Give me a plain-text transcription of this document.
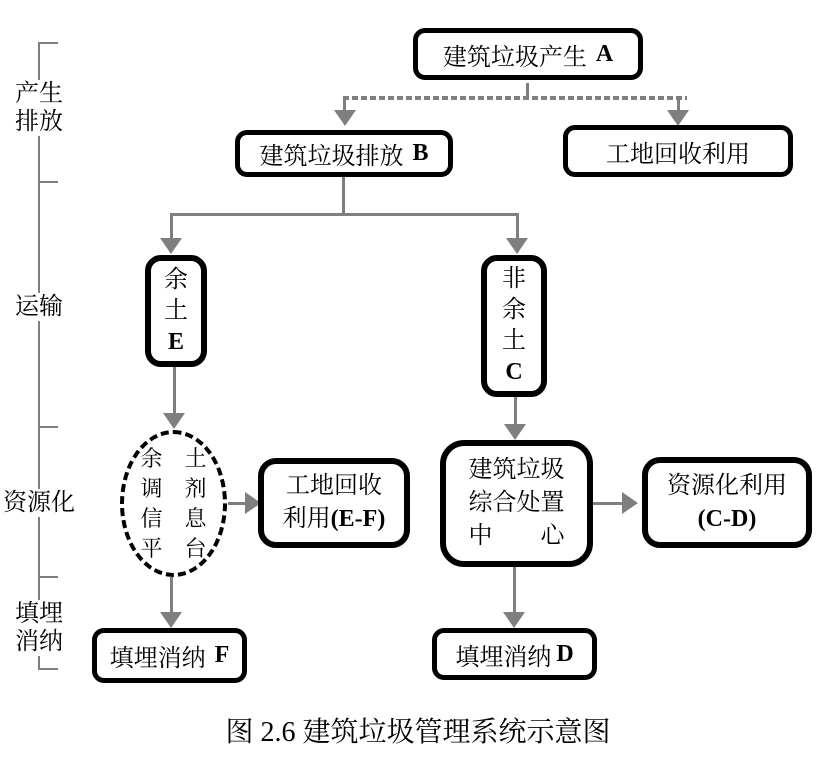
产生
排放
运输
资源化
填埋
消纳
建筑垃圾产生 A
建筑垃圾排放 B	工地回收利用
余
土
E
非
余
土
C
余　土
调　剂
信　息
平　台
工地回收
利用(E-F)
建筑垃圾
综合处置
中　　心
资源化利用
(C-D)
填埋消纳 F	填埋消纳 D
图 2.6 建筑垃圾管理系统示意图
